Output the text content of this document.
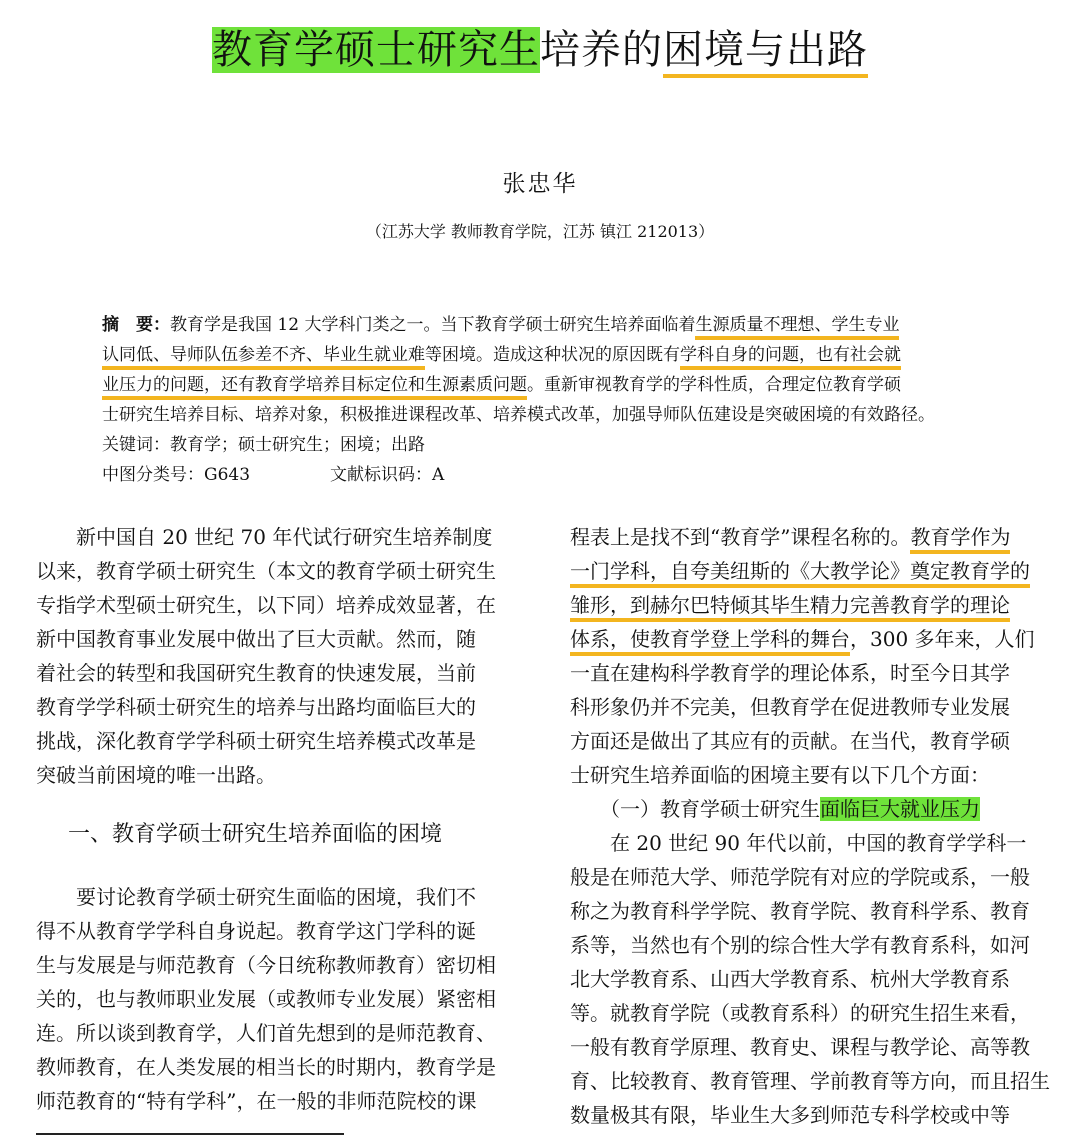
教育学硕士研究生培养的困境与出路
张忠华
（江苏大学 教师教育学院，江苏 镇江 212013）
摘　要：教育学是我国 12 大学科门类之一。当下教育学硕士研究生培养面临着生源质量不理想、学生专业
认同低、导师队伍参差不齐、毕业生就业难等困境。造成这种状况的原因既有学科自身的问题，也有社会就
业压力的问题，还有教育学培养目标定位和生源素质问题。重新审视教育学的学科性质，合理定位教育学硕
士研究生培养目标、培养对象，积极推进课程改革、培养模式改革，加强导师队伍建设是突破困境的有效路径。
关键词：教育学；硕士研究生；困境；出路
中图分类号：G643	文献标识码：A
　　新中国自 20 世纪 70 年代试行研究生培养制度
以来，教育学硕士研究生（本文的教育学硕士研究生
专指学术型硕士研究生，以下同）培养成效显著，在
新中国教育事业发展中做出了巨大贡献。然而，随
着社会的转型和我国研究生教育的快速发展，当前
教育学学科硕士研究生的培养与出路均面临巨大的
挑战，深化教育学学科硕士研究生培养模式改革是
突破当前困境的唯一出路。
一、教育学硕士研究生培养面临的困境
　　要讨论教育学硕士研究生面临的困境，我们不
得不从教育学学科自身说起。教育学这门学科的诞
生与发展是与师范教育（今日统称教师教育）密切相
关的，也与教师职业发展（或教师专业发展）紧密相
连。所以谈到教育学，人们首先想到的是师范教育、
教师教育，在人类发展的相当长的时期内，教育学是
师范教育的“特有学科”，在一般的非师范院校的课
程表上是找不到“教育学”课程名称的。教育学作为
一门学科，自夸美纽斯的《大教学论》奠定教育学的
雏形，到赫尔巴特倾其毕生精力完善教育学的理论
体系，使教育学登上学科的舞台，300 多年来，人们
一直在建构科学教育学的理论体系，时至今日其学
科形象仍并不完美，但教育学在促进教师专业发展
方面还是做出了其应有的贡献。在当代，教育学硕
士研究生培养面临的困境主要有以下几个方面：
　　（一）教育学硕士研究生面临巨大就业压力
　　在 20 世纪 90 年代以前，中国的教育学学科一
般是在师范大学、师范学院有对应的学院或系，一般
称之为教育科学学院、教育学院、教育科学系、教育
系等，当然也有个别的综合性大学有教育系科，如河
北大学教育系、山西大学教育系、杭州大学教育系
等。就教育学院（或教育系科）的研究生招生来看，
一般有教育学原理、教育史、课程与教学论、高等教
育、比较教育、教育管理、学前教育等方向，而且招生
数量极其有限，毕业生大多到师范专科学校或中等
